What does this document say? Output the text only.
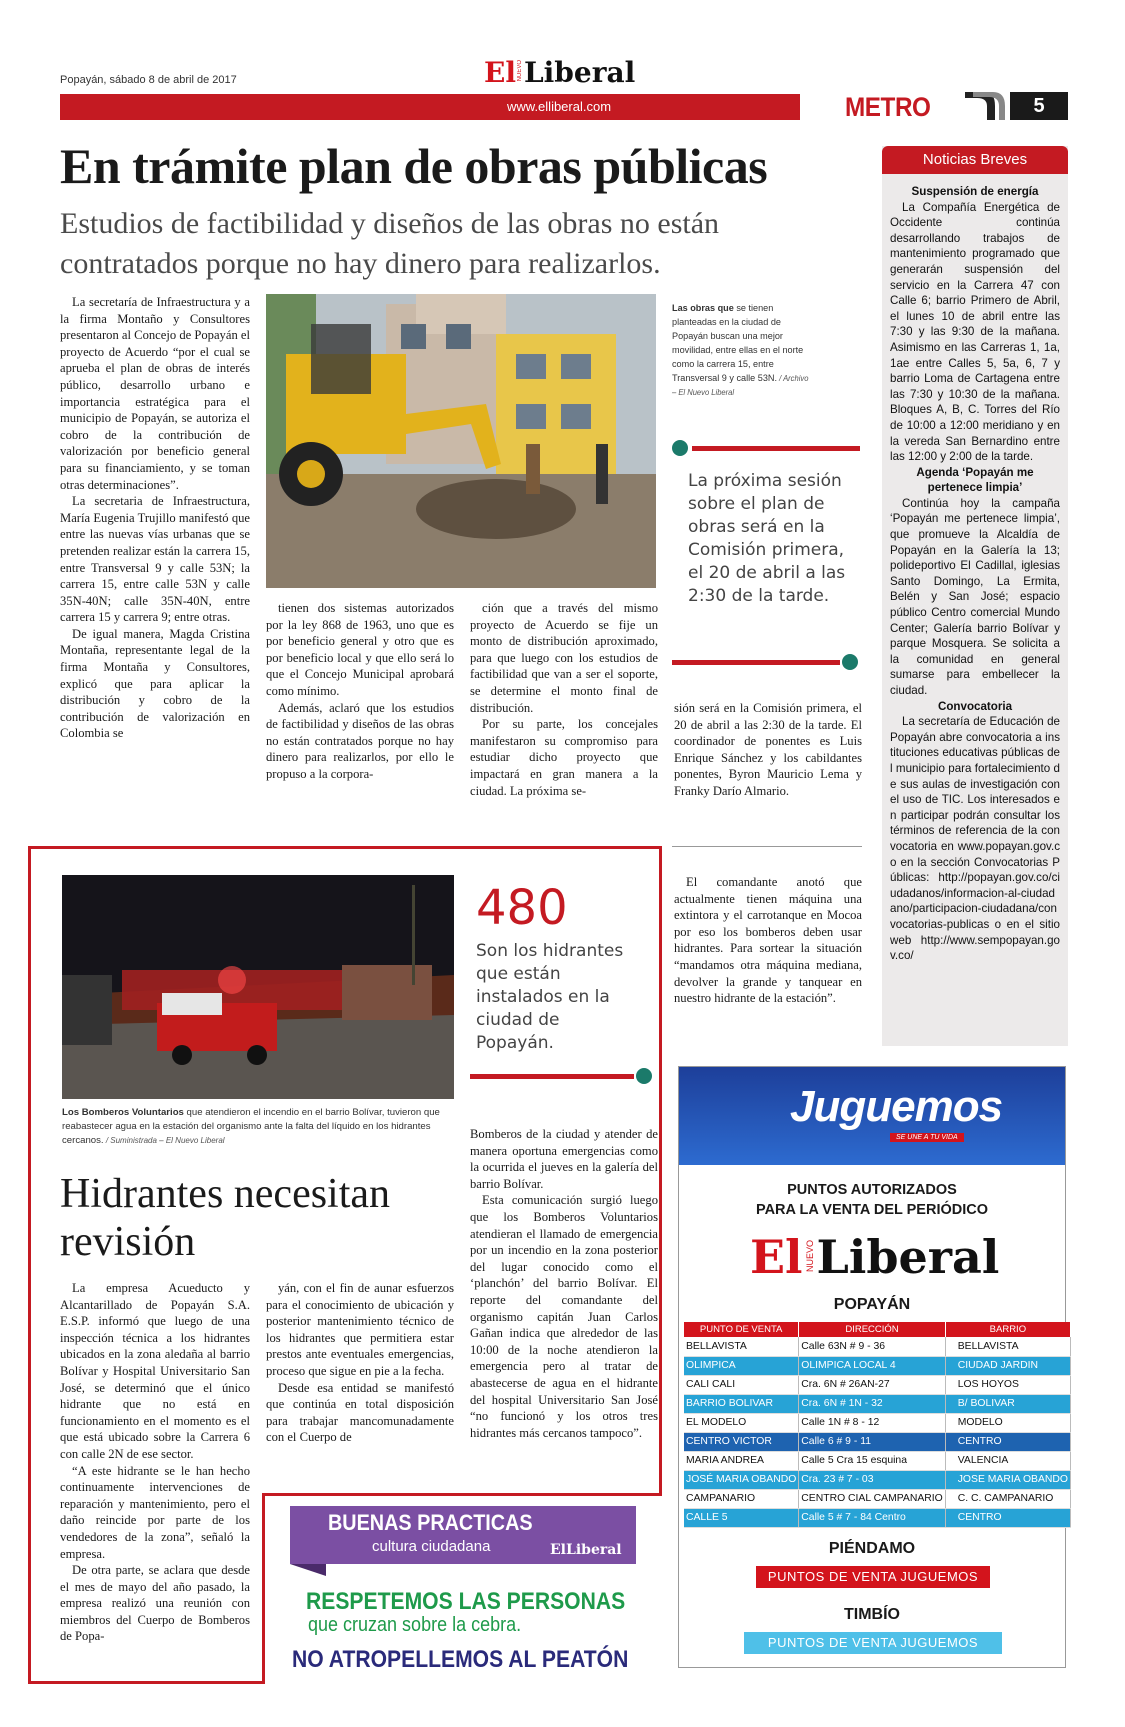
Popayán, sábado 8 de abril de 2017	ElNUEVOLiberal
www.elliberal.com	METRO	5
En trámite plan de obras públicas
Estudios de factibilidad y diseños de las obras no están contratados porque no hay dinero para realizarlos.

La secretaría de Infraestructura y a la firma Montaño y Consultores presentaron al Concejo de Popayán el proyecto de Acuerdo “por el cual se aprueba el plan de obras de interés público, desarrollo urbano e importancia estratégica para el municipio de Popayán, se autoriza el cobro de la contribución de valorización por beneficio general para su financiamiento, y se toman otras determinaciones”.

La secretaria de Infraestructura, María Eugenia Trujillo manifestó que entre las nuevas vías urbanas que se pretenden realizar están la carrera 15, entre Transversal 9 y calle 53N; la carrera 15, entre calle 53N y calle 35N-40N; calle 35N-40N, entre carrera 15 y carrera 9; entre otras.

De igual manera, Magda Cristina Montaña, representante legal de la firma Montaña y Consultores, explicó que para aplicar la distribución y cobro de la contribución de valorización en Colombia se

Las obras que se tienen planteadas en la ciudad de Popayán buscan una mejor movilidad, entre ellas en el norte como la carrera 15, entre Transversal 9 y calle 53N. / Archivo – El Nuevo Liberal
La próxima sesión sobre el plan de obras será en la Comisión primera, el 20 de abril a las 2:30 de la tarde.

tienen dos sistemas autorizados por la ley 868 de 1963, uno que es por beneficio general y otro que es por beneficio local y que ello será lo que el Concejo Municipal aprobará como mínimo.

Además, aclaró que los estudios de factibilidad y diseños de las obras no están contratados porque no hay dinero para realizarlos, por ello le propuso a la corpora-

ción que a través del mismo proyecto de Acuerdo se fije un monto de distribución aproximado, para que luego con los estudios de factibilidad que van a ser el soporte, se determine el monto final de distribución.

Por su parte, los concejales manifestaron su compromiso para estudiar dicho proyecto que impactará en gran manera a la ciudad. La próxima se-

sión será en la Comisión primera, el 20 de abril a las 2:30 de la tarde. El coordinador de ponentes es Luis Enrique Sánchez y los cabildantes ponentes, Byron Mauricio Lema y Franky Darío Almario.

Noticias Breves
Suspensión de energía
La Compañía Energética de Occidente continúa desarrollando trabajos de mantenimiento programado que generarán suspensión del servicio en la Carrera 47 con Calle 6; barrio Primero de Abril, el lunes 10 de abril entre las 7:30 y las 9:30 de la mañana. Asimismo en las Carreras 1, 1a, 1ae entre Calles 5, 5a, 6, 7 y barrio Loma de Cartagena entre las 7:30 y 10:30 de la mañana. Bloques A, B, C. Torres del Río de 10:00 a 12:00 meridiano y en la vereda San Bernardino entre las 12:00 y 2:00 de la tarde.
Agenda ‘Popayán me pertenece limpia’
Continúa hoy la campaña ‘Popayán me pertenece limpia’, que promueve la Alcaldía de Popayán en la Galería la 13; polideportivo El Cadillal, iglesias Santo Domingo, La Ermita, Belén y San José; espacio público Centro comercial Mundo Center; Galería barrio Bolívar y parque Mosquera. Se solicita a la comunidad en general sumarse para embellecer la ciudad.
Convocatoria
La secretaría de Educación de Popayán abre convocatoria a instituciones educativas públicas del municipio para fortalecimiento de sus aulas de investigación con el uso de TIC. Los interesados en participar podrán consultar los términos de referencia de la convocatoria en www.popayan.gov.co en la sección Convocatorias Públicas: http://popayan.gov.co/ciudadanos/informacion-al-ciudadano/participacion-ciudadana/convocatorias-publicas o en el sitio web http://www.sempopayan.gov.co/
Los Bomberos Voluntarios que atendieron el incendio en el barrio Bolívar, tuvieron que reabastecer agua en la estación del organismo ante la falta del líquido en los hidrantes cercanos. / Suministrada – El Nuevo Liberal
480
Son los hidrantes que están instalados en la ciudad de Popayán.
Hidrantes necesitan revisión

La empresa Acueducto y Alcantarillado de Popayán S.A. E.S.P. informó que luego de una inspección técnica a los hidrantes ubicados en la zona aledaña al barrio Bolívar y Hospital Universitario San José, se determinó que el único hidrante que no está en funcionamiento en el momento es el que está ubicado sobre la Carrera 6 con calle 2N de ese sector.

“A este hidrante se le han hecho continuamente intervenciones de reparación y mantenimiento, pero el daño reincide por parte de los vendedores de la zona”, señaló la empresa.

De otra parte, se aclara que desde el mes de mayo del año pasado, la empresa realizó una reunión con miembros del Cuerpo de Bomberos de Popa-

yán, con el fin de aunar esfuerzos para el conocimiento de ubicación y posterior mantenimiento técnico de los hidrantes que permitiera estar prestos ante eventuales emergencias, proceso que sigue en pie a la fecha.

Desde esa entidad se manifestó que continúa en total disposición para trabajar mancomunadamente con el Cuerpo de

Bomberos de la ciudad y atender de manera oportuna emergencias como la ocurrida el jueves en la galería del barrio Bolívar.

Esta comunicación surgió luego que los Bomberos Voluntarios atendieran el llamado de emergencia por un incendio en la zona posterior del lugar conocido como el ‘planchón’ del barrio Bolívar. El reporte del comandante del organismo capitán Juan Carlos Gañan indica que alrededor de las 10:00 de la noche atendieron la emergencia pero al tratar de abastecerse de agua en el hidrante del hospital Universitario San José “no funcionó y los otros tres hidrantes más cercanos tampoco”.

El comandante anotó que actualmente tienen máquina una extintora y el carrotanque en Mocoa por eso los bomberos deben usar hidrantes. Para sortear la situación “mandamos otra máquina mediana, devolver la grande y tanquear en nuestro hidrante de la estación”.

BUENAS PRACTICAS
cultura ciudadana	ElLiberal
RESPETEMOS LAS PERSONAS
que cruzan sobre la cebra.
NO ATROPELLEMOS AL PEATÓN
Juguemos
SE UNE A TU VIDA
PUNTOS AUTORIZADOS
PARA LA VENTA DEL PERIÓDICO
El NUEVOLiberal
POPAYÁN
PUNTO DE VENTA	DIRECCIÓN	BARRIO
BELLAVISTA	Calle 63N # 9 - 36	BELLAVISTA
OLIMPICA	OLIMPICA LOCAL 4	CIUDAD JARDIN
CALI CALI	Cra. 6N # 26AN-27	LOS HOYOS
BARRIO BOLIVAR	Cra. 6N # 1N - 32	B/ BOLIVAR
EL MODELO	Calle 1N # 8 - 12	MODELO
CENTRO VICTOR	Calle 6 # 9 - 11	CENTRO
MARIA ANDREA	Calle 5 Cra 15 esquina	VALENCIA
JOSÉ MARIA OBANDO	Cra. 23 # 7 - 03	JOSE MARIA OBANDO
CAMPANARIO	CENTRO CIAL CAMPANARIO	C. C. CAMPANARIO
CALLE 5	Calle 5 # 7 - 84 Centro	CENTRO
PIÉNDAMO
PUNTOS DE VENTA JUGUEMOS
TIMBÍO
PUNTOS DE VENTA JUGUEMOS
